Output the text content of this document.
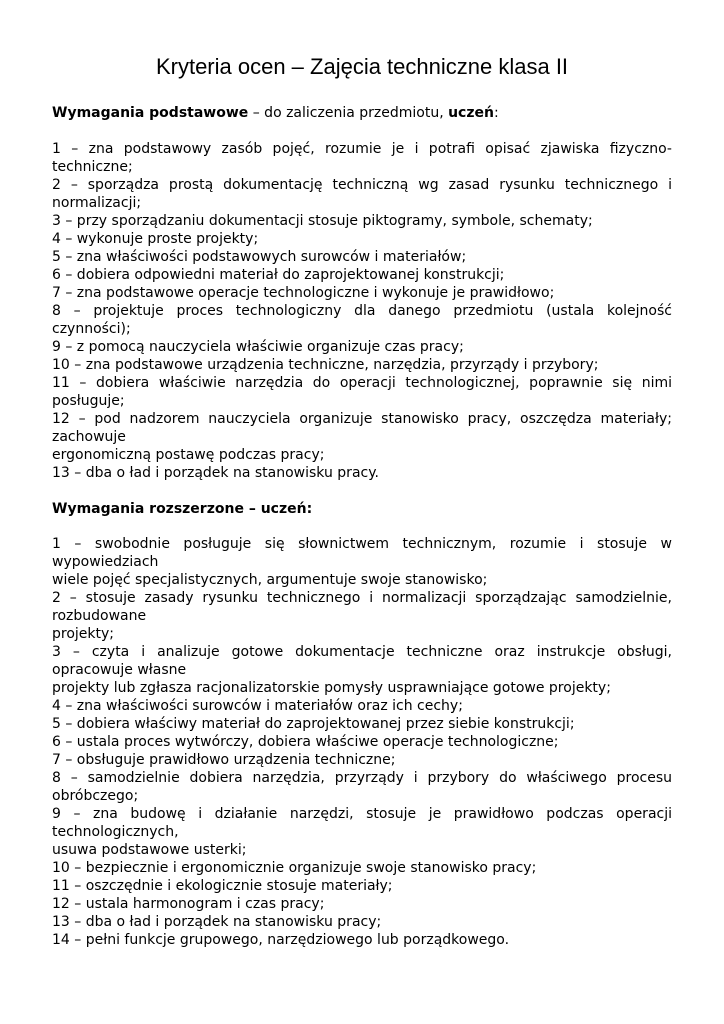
Kryteria ocen – Zajęcia techniczne klasa II

Wymagania podstawowe – do zaliczenia przedmiotu, uczeń:

1 – zna podstawowy zasób pojęć, rozumie je i potrafi opisać zjawiska fizyczno-techniczne;
2 – sporządza prostą dokumentację techniczną wg zasad rysunku technicznego i normalizacji;
3 – przy sporządzaniu dokumentacji stosuje piktogramy, symbole, schematy;
4 – wykonuje proste projekty;
5 – zna właściwości podstawowych surowców i materiałów;
6 – dobiera odpowiedni materiał do zaprojektowanej konstrukcji;
7 – zna podstawowe operacje technologiczne i wykonuje je prawidłowo;
8 – projektuje proces technologiczny dla danego przedmiotu (ustala kolejność czynności);
9 – z pomocą nauczyciela właściwie organizuje czas pracy;
10 – zna podstawowe urządzenia techniczne, narzędzia, przyrządy i przybory;
11 – dobiera właściwie narzędzia do operacji technologicznej, poprawnie się nimi posługuje;
12 – pod nadzorem nauczyciela organizuje stanowisko pracy, oszczędza materiały; zachowuje
ergonomiczną postawę podczas pracy;
13 – dba o ład i porządek na stanowisku pracy.

Wymagania rozszerzone – uczeń:

1 – swobodnie posługuje się słownictwem technicznym, rozumie i stosuje w wypowiedziach
wiele pojęć specjalistycznych, argumentuje swoje stanowisko;
2 – stosuje zasady rysunku technicznego i normalizacji sporządzając samodzielnie, rozbudowane
projekty;
3 – czyta i analizuje gotowe dokumentacje techniczne oraz instrukcje obsługi, opracowuje własne
projekty lub zgłasza racjonalizatorskie pomysły usprawniające gotowe projekty;
4 – zna właściwości surowców i materiałów oraz ich cechy;
5 – dobiera właściwy materiał do zaprojektowanej przez siebie konstrukcji;
6 – ustala proces wytwórczy, dobiera właściwe operacje technologiczne;
7 – obsługuje prawidłowo urządzenia techniczne;
8 – samodzielnie dobiera narzędzia, przyrządy i przybory do właściwego procesu obróbczego;
9 – zna budowę i działanie narzędzi, stosuje je prawidłowo podczas operacji technologicznych,
usuwa podstawowe usterki;
10 – bezpiecznie i ergonomicznie organizuje swoje stanowisko pracy;
11 – oszczędnie i ekologicznie stosuje materiały;
12 – ustala harmonogram i czas pracy;
13 – dba o ład i porządek na stanowisku pracy;
14 – pełni funkcje grupowego, narzędziowego lub porządkowego.
